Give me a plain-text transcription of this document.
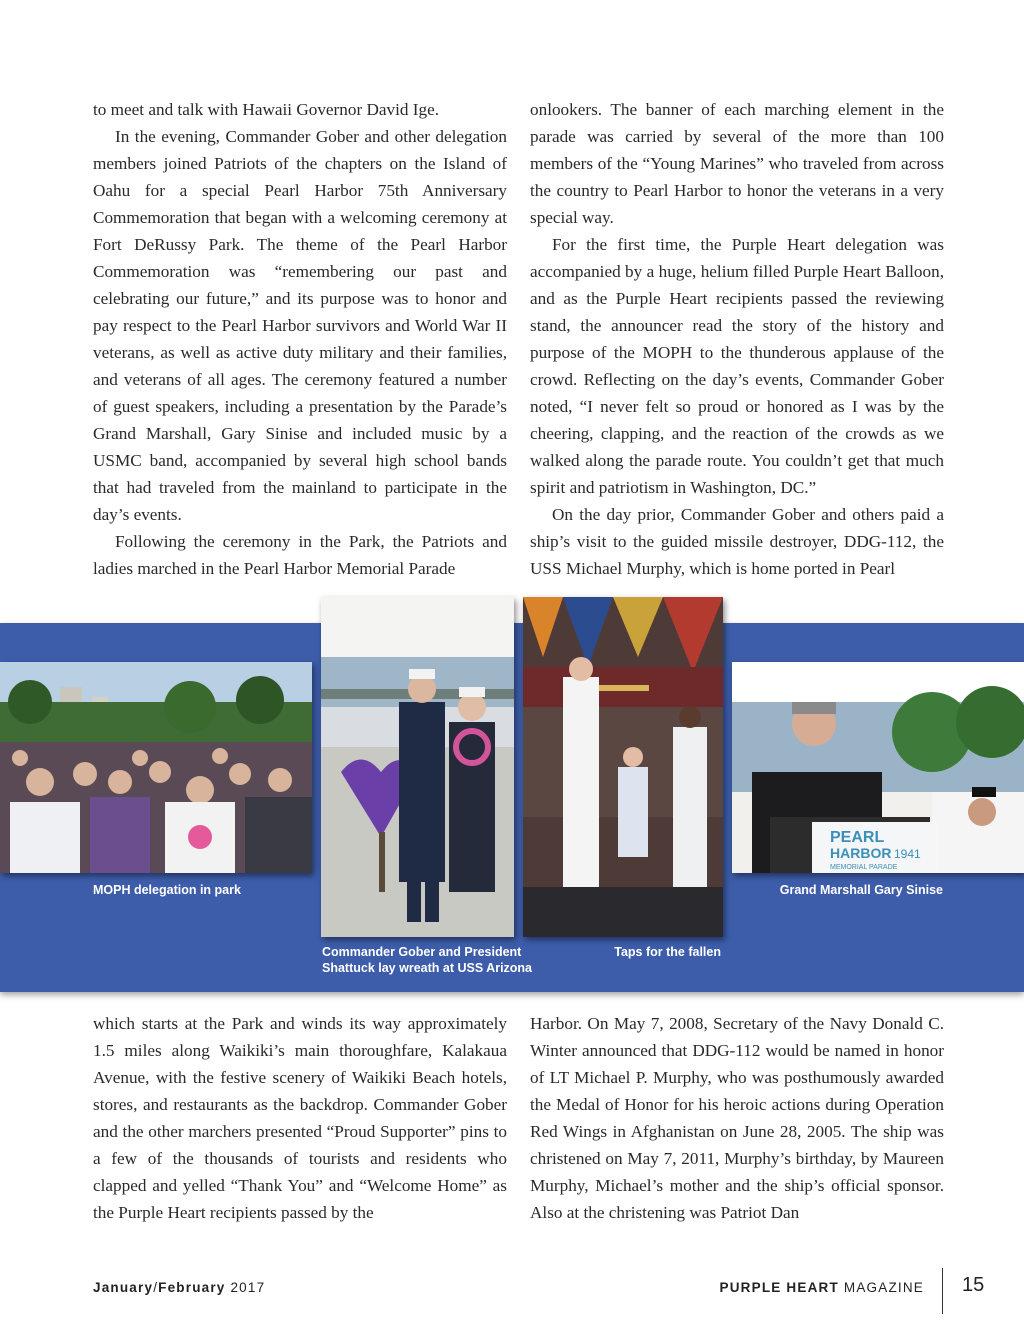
to meet and talk with Hawaii Governor David Ige.

In the evening, Commander Gober and other delegation members joined Patriots of the chapters on the Island of Oahu for a special Pearl Harbor 75th Anniversary Commemoration that began with a welcoming ceremony at Fort DeRussy Park. The theme of the Pearl Harbor Commemoration was “remembering our past and celebrating our future,” and its purpose was to honor and pay respect to the Pearl Harbor survivors and World War II veterans, as well as active duty military and their families, and veterans of all ages. The ceremony featured a number of guest speakers, including a presentation by the Parade’s Grand Marshall, Gary Sinise and included music by a USMC band, accompanied by several high school bands that had traveled from the mainland to participate in the day’s events.

Following the ceremony in the Park, the Patriots and ladies marched in the Pearl Harbor Memorial Parade

onlookers. The banner of each marching element in the parade was carried by several of the more than 100 members of the “Young Marines” who traveled from across the country to Pearl Harbor to honor the veterans in a very special way.

For the first time, the Purple Heart delegation was accompanied by a huge, helium filled Purple Heart Balloon, and as the Purple Heart recipients passed the reviewing stand, the announcer read the story of the history and purpose of the MOPH to the thunderous applause of the crowd. Reflecting on the day’s events, Commander Gober noted, “I never felt so proud or honored as I was by the cheering, clapping, and the reaction of the crowds as we walked along the parade route. You couldn’t get that much spirit and patriotism in Washington, DC.”

On the day prior, Commander Gober and others paid a ship’s visit to the guided missile destroyer, DDG-112, the USS Michael Murphy, which is home ported in Pearl

PEARL
HARBOR 1941
MEMORIAL PARADE
MOPH delegation in park	Grand Marshall Gary Sinise
Commander Gober and President
Shattuck lay wreath at USS Arizona
Taps for the fallen

which starts at the Park and winds its way approximately 1.5 miles along Waikiki’s main thoroughfare, Kalakaua Avenue, with the festive scenery of Waikiki Beach hotels, stores, and restaurants as the backdrop. Commander Gober and the other marchers presented “Proud Supporter” pins to a few of the thousands of tourists and residents who clapped and yelled “Thank You” and “Welcome Home” as the Purple Heart recipients passed by the

Harbor. On May 7, 2008, Secretary of the Navy Donald C. Winter announced that DDG-112 would be named in honor of LT Michael P. Murphy, who was posthumously awarded the Medal of Honor for his heroic actions during Operation Red Wings in Afghanistan on June 28, 2005. The ship was christened on May 7, 2011, Murphy’s birthday, by Maureen Murphy, Michael’s mother and the ship’s official sponsor. Also at the christening was Patriot Dan

January/February 2017	PURPLE HEART MAGAZINE 15
